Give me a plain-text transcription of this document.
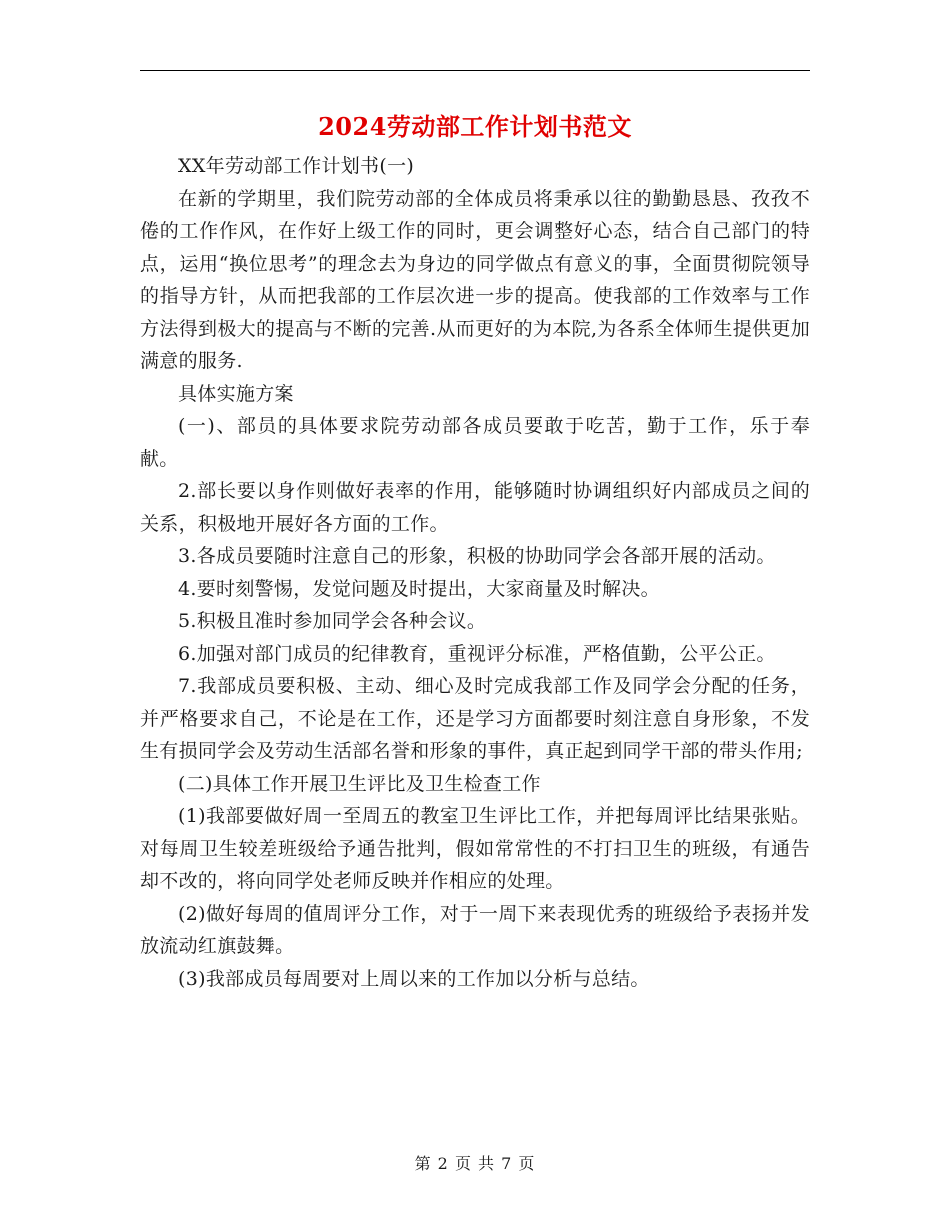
2024劳动部工作计划书范文

XX年劳动部工作计划书(一)

在新的学期里，我们院劳动部的全体成员将秉承以往的勤勤恳恳、孜孜不倦的工作作风，在作好上级工作的同时，更会调整好心态，结合自己部门的特点，运用“换位思考”的理念去为身边的同学做点有意义的事，全面贯彻院领导的指导方针，从而把我部的工作层次进一步的提高。使我部的工作效率与工作方法得到极大的提高与不断的完善.从而更好的为本院,为各系全体师生提供更加满意的服务.

具体实施方案

(一)、部员的具体要求院劳动部各成员要敢于吃苦，勤于工作，乐于奉献。

2.部长要以身作则做好表率的作用，能够随时协调组织好内部成员之间的关系，积极地开展好各方面的工作。

3.各成员要随时注意自己的形象，积极的协助同学会各部开展的活动。

4.要时刻警惕，发觉问题及时提出，大家商量及时解决。

5.积极且准时参加同学会各种会议。

6.加强对部门成员的纪律教育，重视评分标准，严格值勤，公平公正。

7.我部成员要积极、主动、细心及时完成我部工作及同学会分配的任务，并严格要求自己，不论是在工作，还是学习方面都要时刻注意自身形象，不发生有损同学会及劳动生活部名誉和形象的事件，真正起到同学干部的带头作用;

(二)具体工作开展卫生评比及卫生检查工作

(1)我部要做好周一至周五的教室卫生评比工作，并把每周评比结果张贴。对每周卫生较差班级给予通告批判，假如常常性的不打扫卫生的班级，有通告却不改的，将向同学处老师反映并作相应的处理。

(2)做好每周的值周评分工作，对于一周下来表现优秀的班级给予表扬并发放流动红旗鼓舞。

(3)我部成员每周要对上周以来的工作加以分析与总结。

第 2 页 共 7 页
